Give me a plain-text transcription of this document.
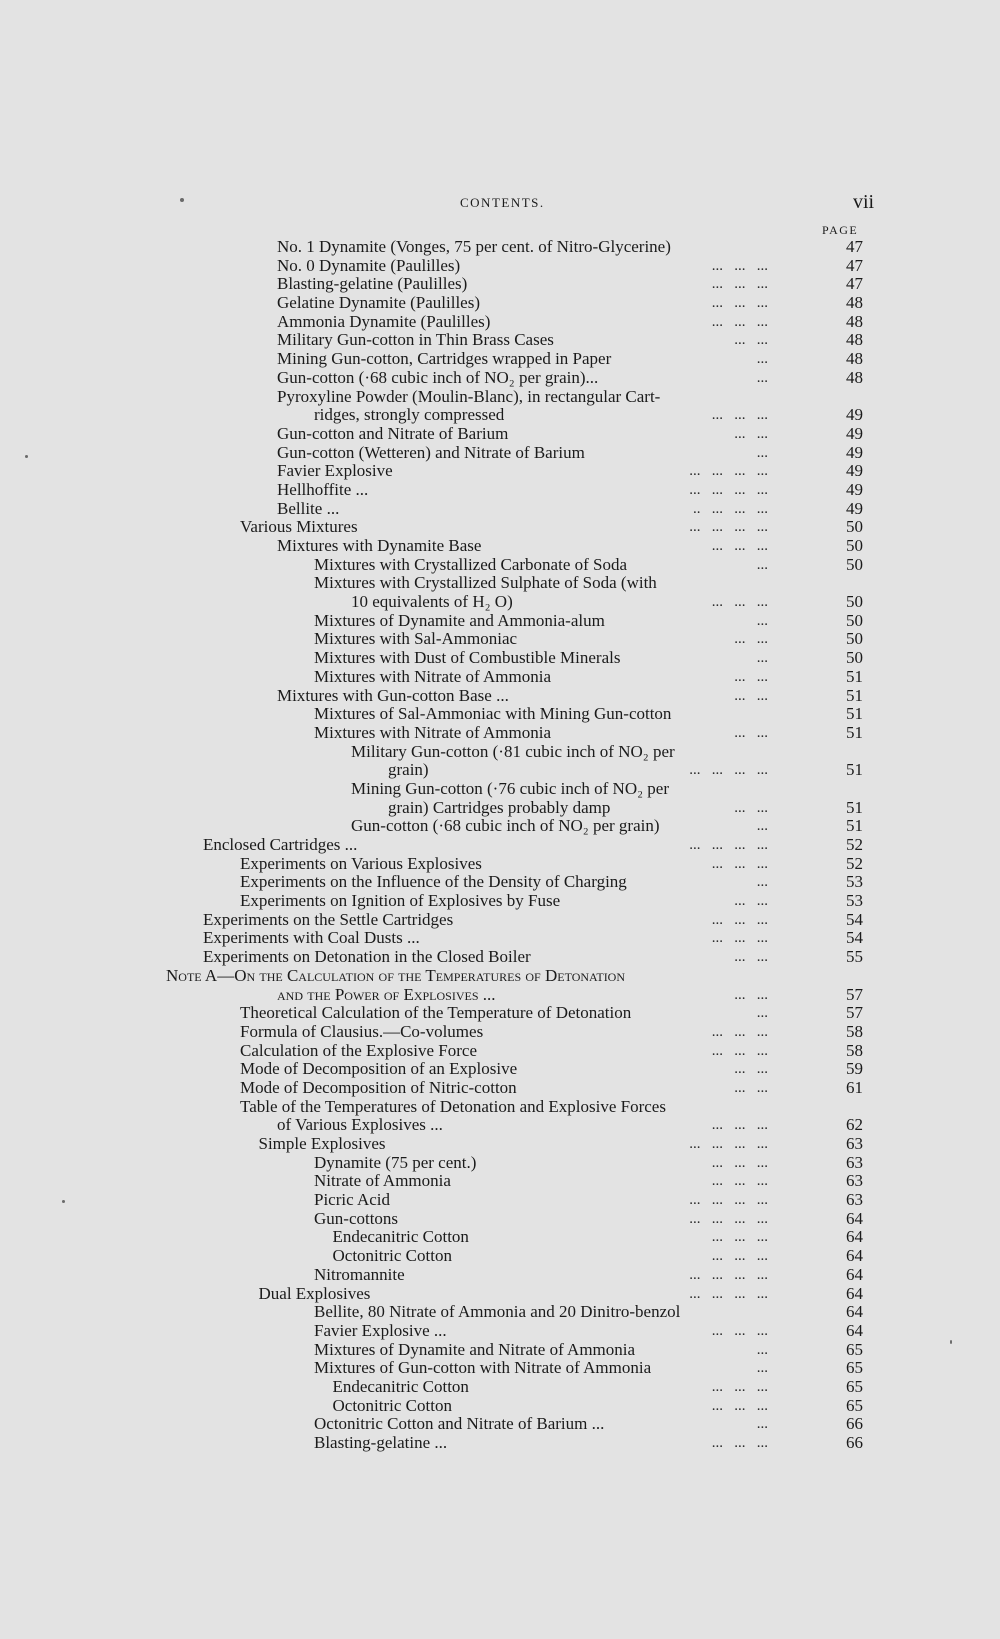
CONTENTS.	vii
PAGE
No. 1 Dynamite (Vonges, 75 per cent. of Nitro-Glycerine)	47
No. 0 Dynamite (Paulilles)	...   ...   ...	47
Blasting-gelatine (Paulilles)	...   ...   ...	47
Gelatine Dynamite (Paulilles)	...   ...   ...	48
Ammonia Dynamite (Paulilles)	...   ...   ...	48
Military Gun-cotton in Thin Brass Cases	...   ...	48
Mining Gun-cotton, Cartridges wrapped in Paper	...	48
Gun-cotton (·68 cubic inch of NO₂ per grain)...	...	48
Pyroxyline Powder (Moulin-Blanc), in rectangular Cart-
ridges, strongly compressed	...   ...   ...	49
Gun-cotton and Nitrate of Barium	...   ...	49
Gun-cotton (Wetteren) and Nitrate of Barium	...	49
Favier Explosive	...   ...   ...   ...	49
Hellhoffite ...	...   ...   ...   ...	49
Bellite ...	..   ...   ...   ...	49
Various Mixtures	...   ...   ...   ...	50
Mixtures with Dynamite Base	...   ...   ...	50
Mixtures with Crystallized Carbonate of Soda	...	50
Mixtures with Crystallized Sulphate of Soda (with
10 equivalents of H₂ O)	...   ...   ...	50
Mixtures of Dynamite and Ammonia-alum	...	50
Mixtures with Sal-Ammoniac	...   ...	50
Mixtures with Dust of Combustible Minerals	...	50
Mixtures with Nitrate of Ammonia	...   ...	51
Mixtures with Gun-cotton Base ...	...   ...	51
Mixtures of Sal-Ammoniac with Mining Gun-cotton	51
Mixtures with Nitrate of Ammonia	...   ...	51
Military Gun-cotton (·81 cubic inch of NO₂ per
grain)	...   ...   ...   ...	51
Mining Gun-cotton (·76 cubic inch of NO₂ per
grain) Cartridges probably damp	...   ...	51
Gun-cotton (·68 cubic inch of NO₂ per grain)	...	51
Enclosed Cartridges ...	...   ...   ...   ...	52
Experiments on Various Explosives	...   ...   ...	52
Experiments on the Influence of the Density of Charging	...	53
Experiments on Ignition of Explosives by Fuse	...   ...	53
Experiments on the Settle Cartridges	...   ...   ...	54
Experiments with Coal Dusts ...	...   ...   ...	54
Experiments on Detonation in the Closed Boiler	...   ...	55
Note A—On the Calculation of the Temperatures of Detonation
and the Power of Explosives ...	...   ...	57
Theoretical Calculation of the Temperature of Detonation	...	57
Formula of Clausius.—Co-volumes	...   ...   ...	58
Calculation of the Explosive Force	...   ...   ...	58
Mode of Decomposition of an Explosive	...   ...	59
Mode of Decomposition of Nitric-cotton	...   ...	61
Table of the Temperatures of Detonation and Explosive Forces
of Various Explosives ...	...   ...   ...	62
Simple Explosives	...   ...   ...   ...	63
Dynamite (75 per cent.)	...   ...   ...	63
Nitrate of Ammonia	...   ...   ...	63
Picric Acid	...   ...   ...   ...	63
Gun-cottons	...   ...   ...   ...	64
Endecanitric Cotton	...   ...   ...	64
Octonitric Cotton	...   ...   ...	64
Nitromannite	...   ...   ...   ...	64
Dual Explosives	...   ...   ...   ...	64
Bellite, 80 Nitrate of Ammonia and 20 Dinitro-benzol	64
Favier Explosive ...	...   ...   ...	64
Mixtures of Dynamite and Nitrate of Ammonia	...	65
Mixtures of Gun-cotton with Nitrate of Ammonia	...	65
Endecanitric Cotton	...   ...   ...	65
Octonitric Cotton	...   ...   ...	65
Octonitric Cotton and Nitrate of Barium ...	...	66
Blasting-gelatine ...	...   ...   ...	66
